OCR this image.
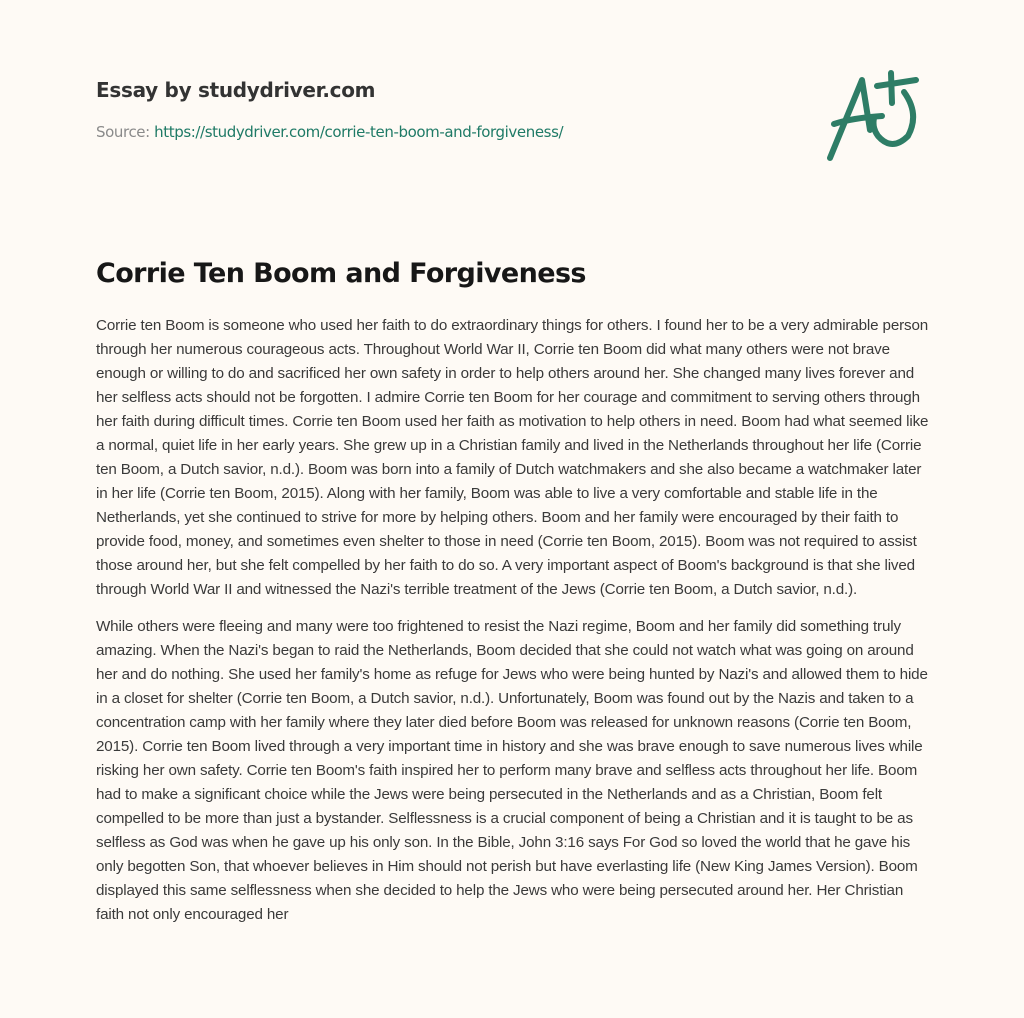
Essay by studydriver.com
Source: https://studydriver.com/corrie-ten-boom-and-forgiveness/
Corrie Ten Boom and Forgiveness

Corrie ten Boom is someone who used her faith to do extraordinary things for others. I found her to be a very admirable person through her numerous courageous acts. Throughout World War II, Corrie ten Boom did what many others were not brave enough or willing to do and sacrificed her own safety in order to help others around her. She changed many lives forever and her selfless acts should not be forgotten. I admire Corrie ten Boom for her courage and commitment to serving others through her faith during difficult times. Corrie ten Boom used her faith as motivation to help others in need. Boom had what seemed like a normal, quiet life in her early years. She grew up in a Christian family and lived in the Netherlands throughout her life (Corrie ten Boom, a Dutch savior, n.d.). Boom was born into a family of Dutch watchmakers and she also became a watchmaker later in her life (Corrie ten Boom, 2015). Along with her family, Boom was able to live a very comfortable and stable life in the Netherlands, yet she continued to strive for more by helping others. Boom and her family were encouraged by their faith to provide food, money, and sometimes even shelter to those in need (Corrie ten Boom, 2015). Boom was not required to assist those around her, but she felt compelled by her faith to do so. A very important aspect of Boom's background is that she lived through World War II and witnessed the Nazi's terrible treatment of the Jews (Corrie ten Boom, a Dutch savior, n.d.).

While others were fleeing and many were too frightened to resist the Nazi regime, Boom and her family did something truly amazing. When the Nazi's began to raid the Netherlands, Boom decided that she could not watch what was going on around her and do nothing. She used her family's home as refuge for Jews who were being hunted by Nazi's and allowed them to hide in a closet for shelter (Corrie ten Boom, a Dutch savior, n.d.). Unfortunately, Boom was found out by the Nazis and taken to a concentration camp with her family where they later died before Boom was released for unknown reasons (Corrie ten Boom, 2015). Corrie ten Boom lived through a very important time in history and she was brave enough to save numerous lives while risking her own safety. Corrie ten Boom's faith inspired her to perform many brave and selfless acts throughout her life. Boom had to make a significant choice while the Jews were being persecuted in the Netherlands and as a Christian, Boom felt compelled to be more than just a bystander. Selflessness is a crucial component of being a Christian and it is taught to be as selfless as God was when he gave up his only son. In the Bible, John 3:16 says For God so loved the world that he gave his only begotten Son, that whoever believes in Him should not perish but have everlasting life (New King James Version). Boom displayed this same selflessness when she decided to help the Jews who were being persecuted around her. Her Christian faith not only encouraged her
